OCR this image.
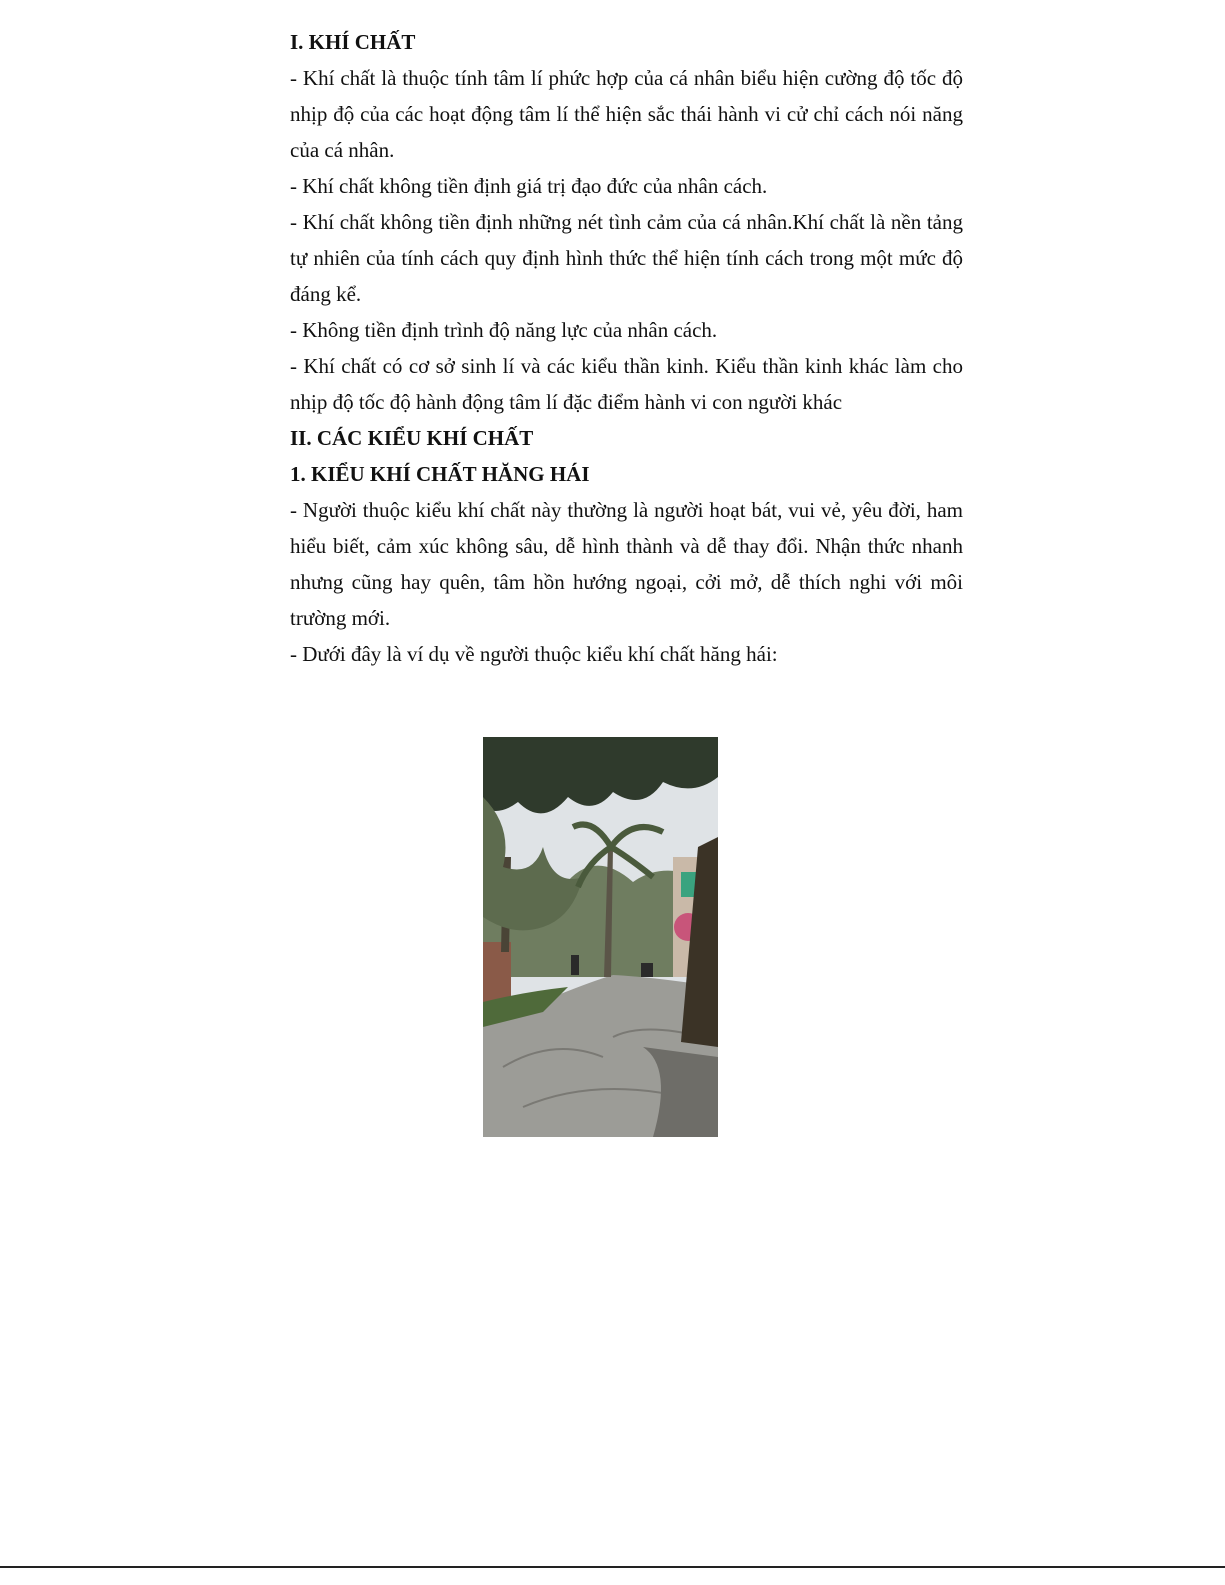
I. KHÍ CHẤT

- Khí chất là thuộc tính tâm lí phức hợp của cá nhân biểu hiện cường độ tốc độ nhịp độ của các hoạt động tâm lí thể hiện sắc thái hành vi cử chỉ cách nói năng của cá nhân.

- Khí chất không tiền định giá trị đạo đức của nhân cách.

- Khí chất không tiền định những nét tình cảm của cá nhân.Khí chất là nền tảng tự nhiên của tính cách quy định hình thức thể hiện tính cách trong một mức độ đáng kể.

- Không tiền định trình độ năng lực của nhân cách.

- Khí chất có cơ sở sinh lí và các kiểu thần kinh. Kiểu thần kinh khác làm cho nhịp độ tốc độ hành động tâm lí đặc điểm hành vi con người khác

II. CÁC KIỂU KHÍ CHẤT

1. KIỂU KHÍ CHẤT HĂNG HÁI

- Người thuộc kiểu khí chất này thường là người hoạt bát, vui vẻ, yêu đời, ham hiểu biết, cảm xúc không sâu, dễ hình thành và dễ thay đổi. Nhận thức nhanh nhưng cũng hay quên, tâm hồn hướng ngoại, cởi mở, dễ thích nghi với môi trường mới.

- Dưới đây là ví dụ về người thuộc kiểu khí chất hăng hái:
